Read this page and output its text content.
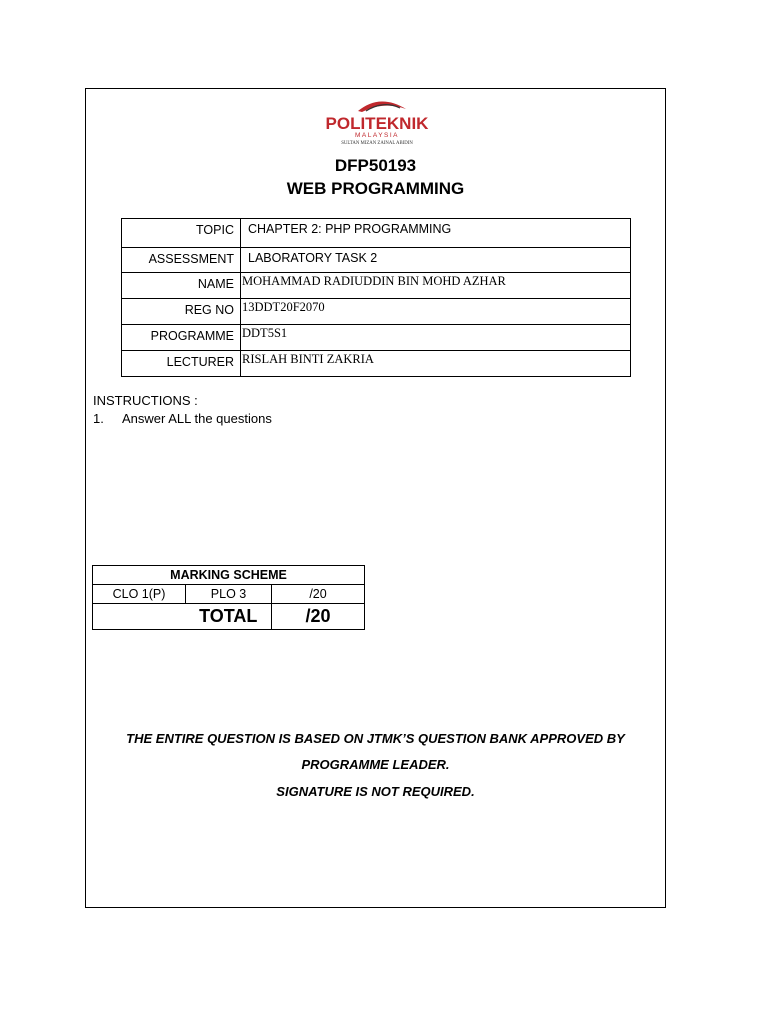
POLITEKNIK
MALAYSIA
SULTAN MIZAN ZAINAL ABIDIN
DFP50193
WEB PROGRAMMING
TOPIC	CHAPTER 2: PHP PROGRAMMING
ASSESSMENT	LABORATORY TASK 2
NAME	MOHAMMAD RADIUDDIN BIN MOHD AZHAR
REG NO	13DDT20F2070
PROGRAMME	DDT5S1
LECTURER	RISLAH BINTI ZAKRIA
INSTRUCTIONS :
1.	Answer ALL the questions
MARKING SCHEME		
CLO 1(P)	PLO 3	/20
	TOTAL	/20
THE ENTIRE QUESTION IS BASED ON JTMK’S QUESTION BANK APPROVED BY
PROGRAMME LEADER.
SIGNATURE IS NOT REQUIRED.
